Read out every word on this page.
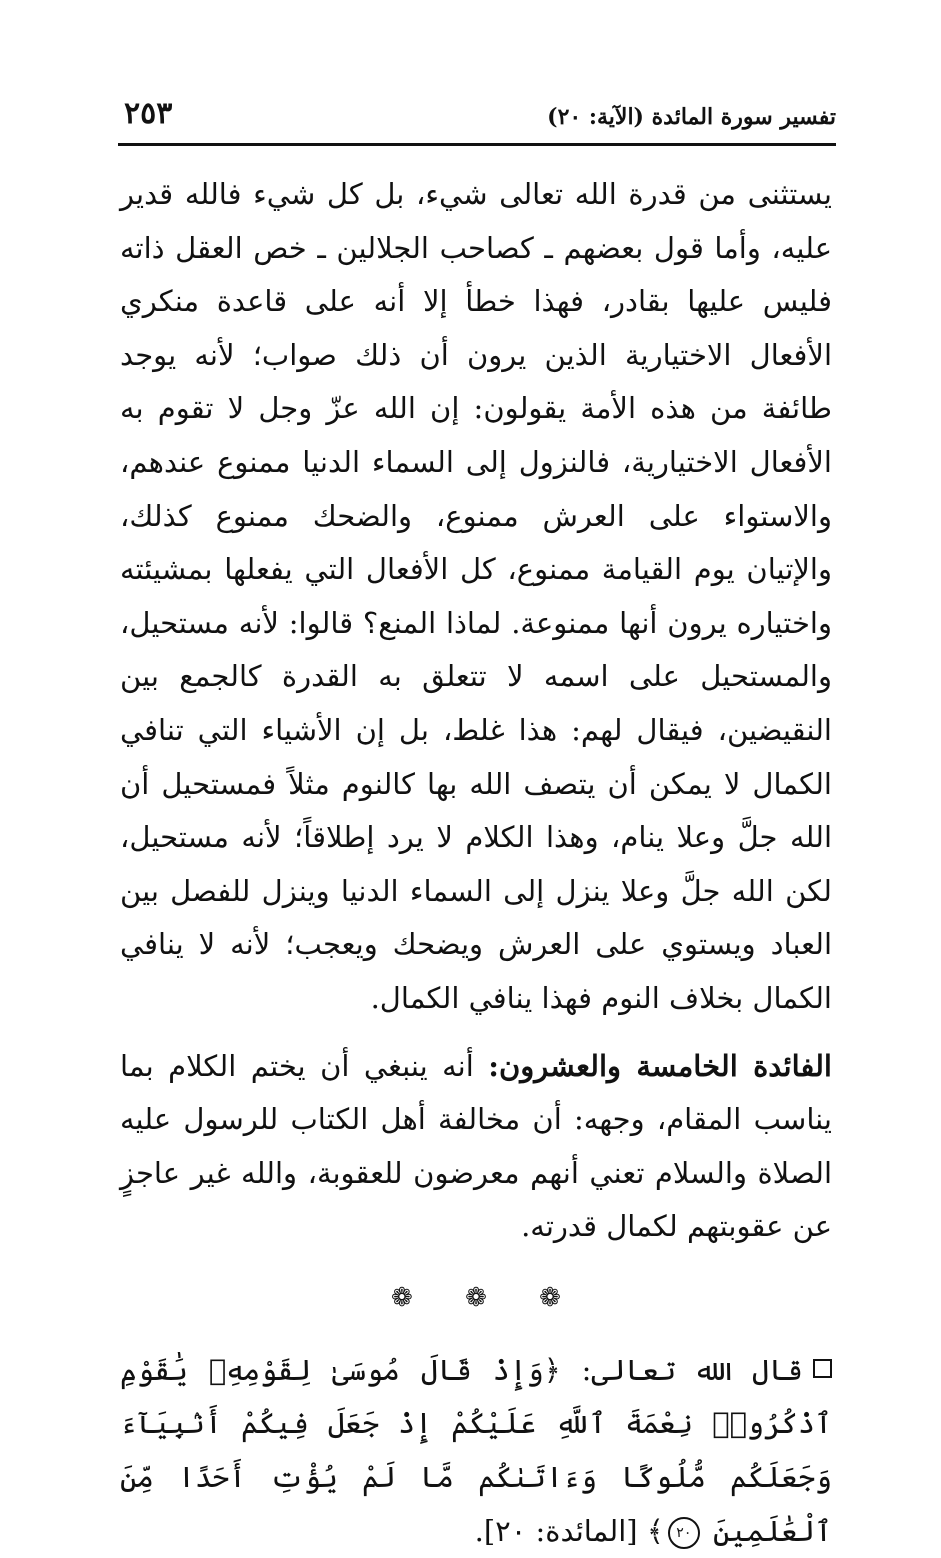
تفسير سورة المائدة (الآية: ٢٠)
٢٥٣

يستثنى من قدرة الله تعالى شيء، بل كل شيء فالله قدير عليه، وأما قول بعضهم ـ كصاحب الجلالين ـ خص العقل ذاته فليس عليها بقادر، فهذا خطأ إلا أنه على قاعدة منكري الأفعال الاختيارية الذين يرون أن ذلك صواب؛ لأنه يوجد طائفة من هذه الأمة يقولون: إن الله عزّ وجل لا تقوم به الأفعال الاختيارية، فالنزول إلى السماء الدنيا ممنوع عندهم، والاستواء على العرش ممنوع، والضحك ممنوع كذلك، والإتيان يوم القيامة ممنوع، كل الأفعال التي يفعلها بمشيئته واختياره يرون أنها ممنوعة. لماذا المنع؟ قالوا: لأنه مستحيل، والمستحيل على اسمه لا تتعلق به القدرة كالجمع بين النقيضين، فيقال لهم: هذا غلط، بل إن الأشياء التي تنافي الكمال لا يمكن أن يتصف الله بها كالنوم مثلاً فمستحيل أن الله جلَّ وعلا ينام، وهذا الكلام لا يرد إطلاقاً؛ لأنه مستحيل، لكن الله جلَّ وعلا ينزل إلى السماء الدنيا وينزل للفصل بين العباد ويستوي على العرش ويضحك ويعجب؛ لأنه لا ينافي الكمال بخلاف النوم فهذا ينافي الكمال.

الفائدة الخامسة والعشرون: أنه ينبغي أن يختم الكلام بما يناسب المقام، وجهه: أن مخالفة أهل الكتاب للرسول عليه الصلاة والسلام تعني أنهم معرضون للعقوبة، والله غير عاجزٍ عن عقوبتهم لكمال قدرته.

❁ ❁ ❁

قال الله تعالى: ﴿وَإِذْ قَالَ مُوسَىٰ لِقَوْمِهِۦ يَٰقَوْمِ ٱذْكُرُوا۟ نِعْمَةَ ٱللَّهِ عَلَيْكُمْ إِذْ جَعَلَ فِيكُمْ أَنۢبِيَآءَ وَجَعَلَكُم مُّلُوكًا وَءَاتَىٰكُم مَّا لَمْ يُؤْتِ أَحَدًا مِّنَ ٱلْعَٰلَمِينَ ٢٠﴾ [المائدة: ٢٠].
